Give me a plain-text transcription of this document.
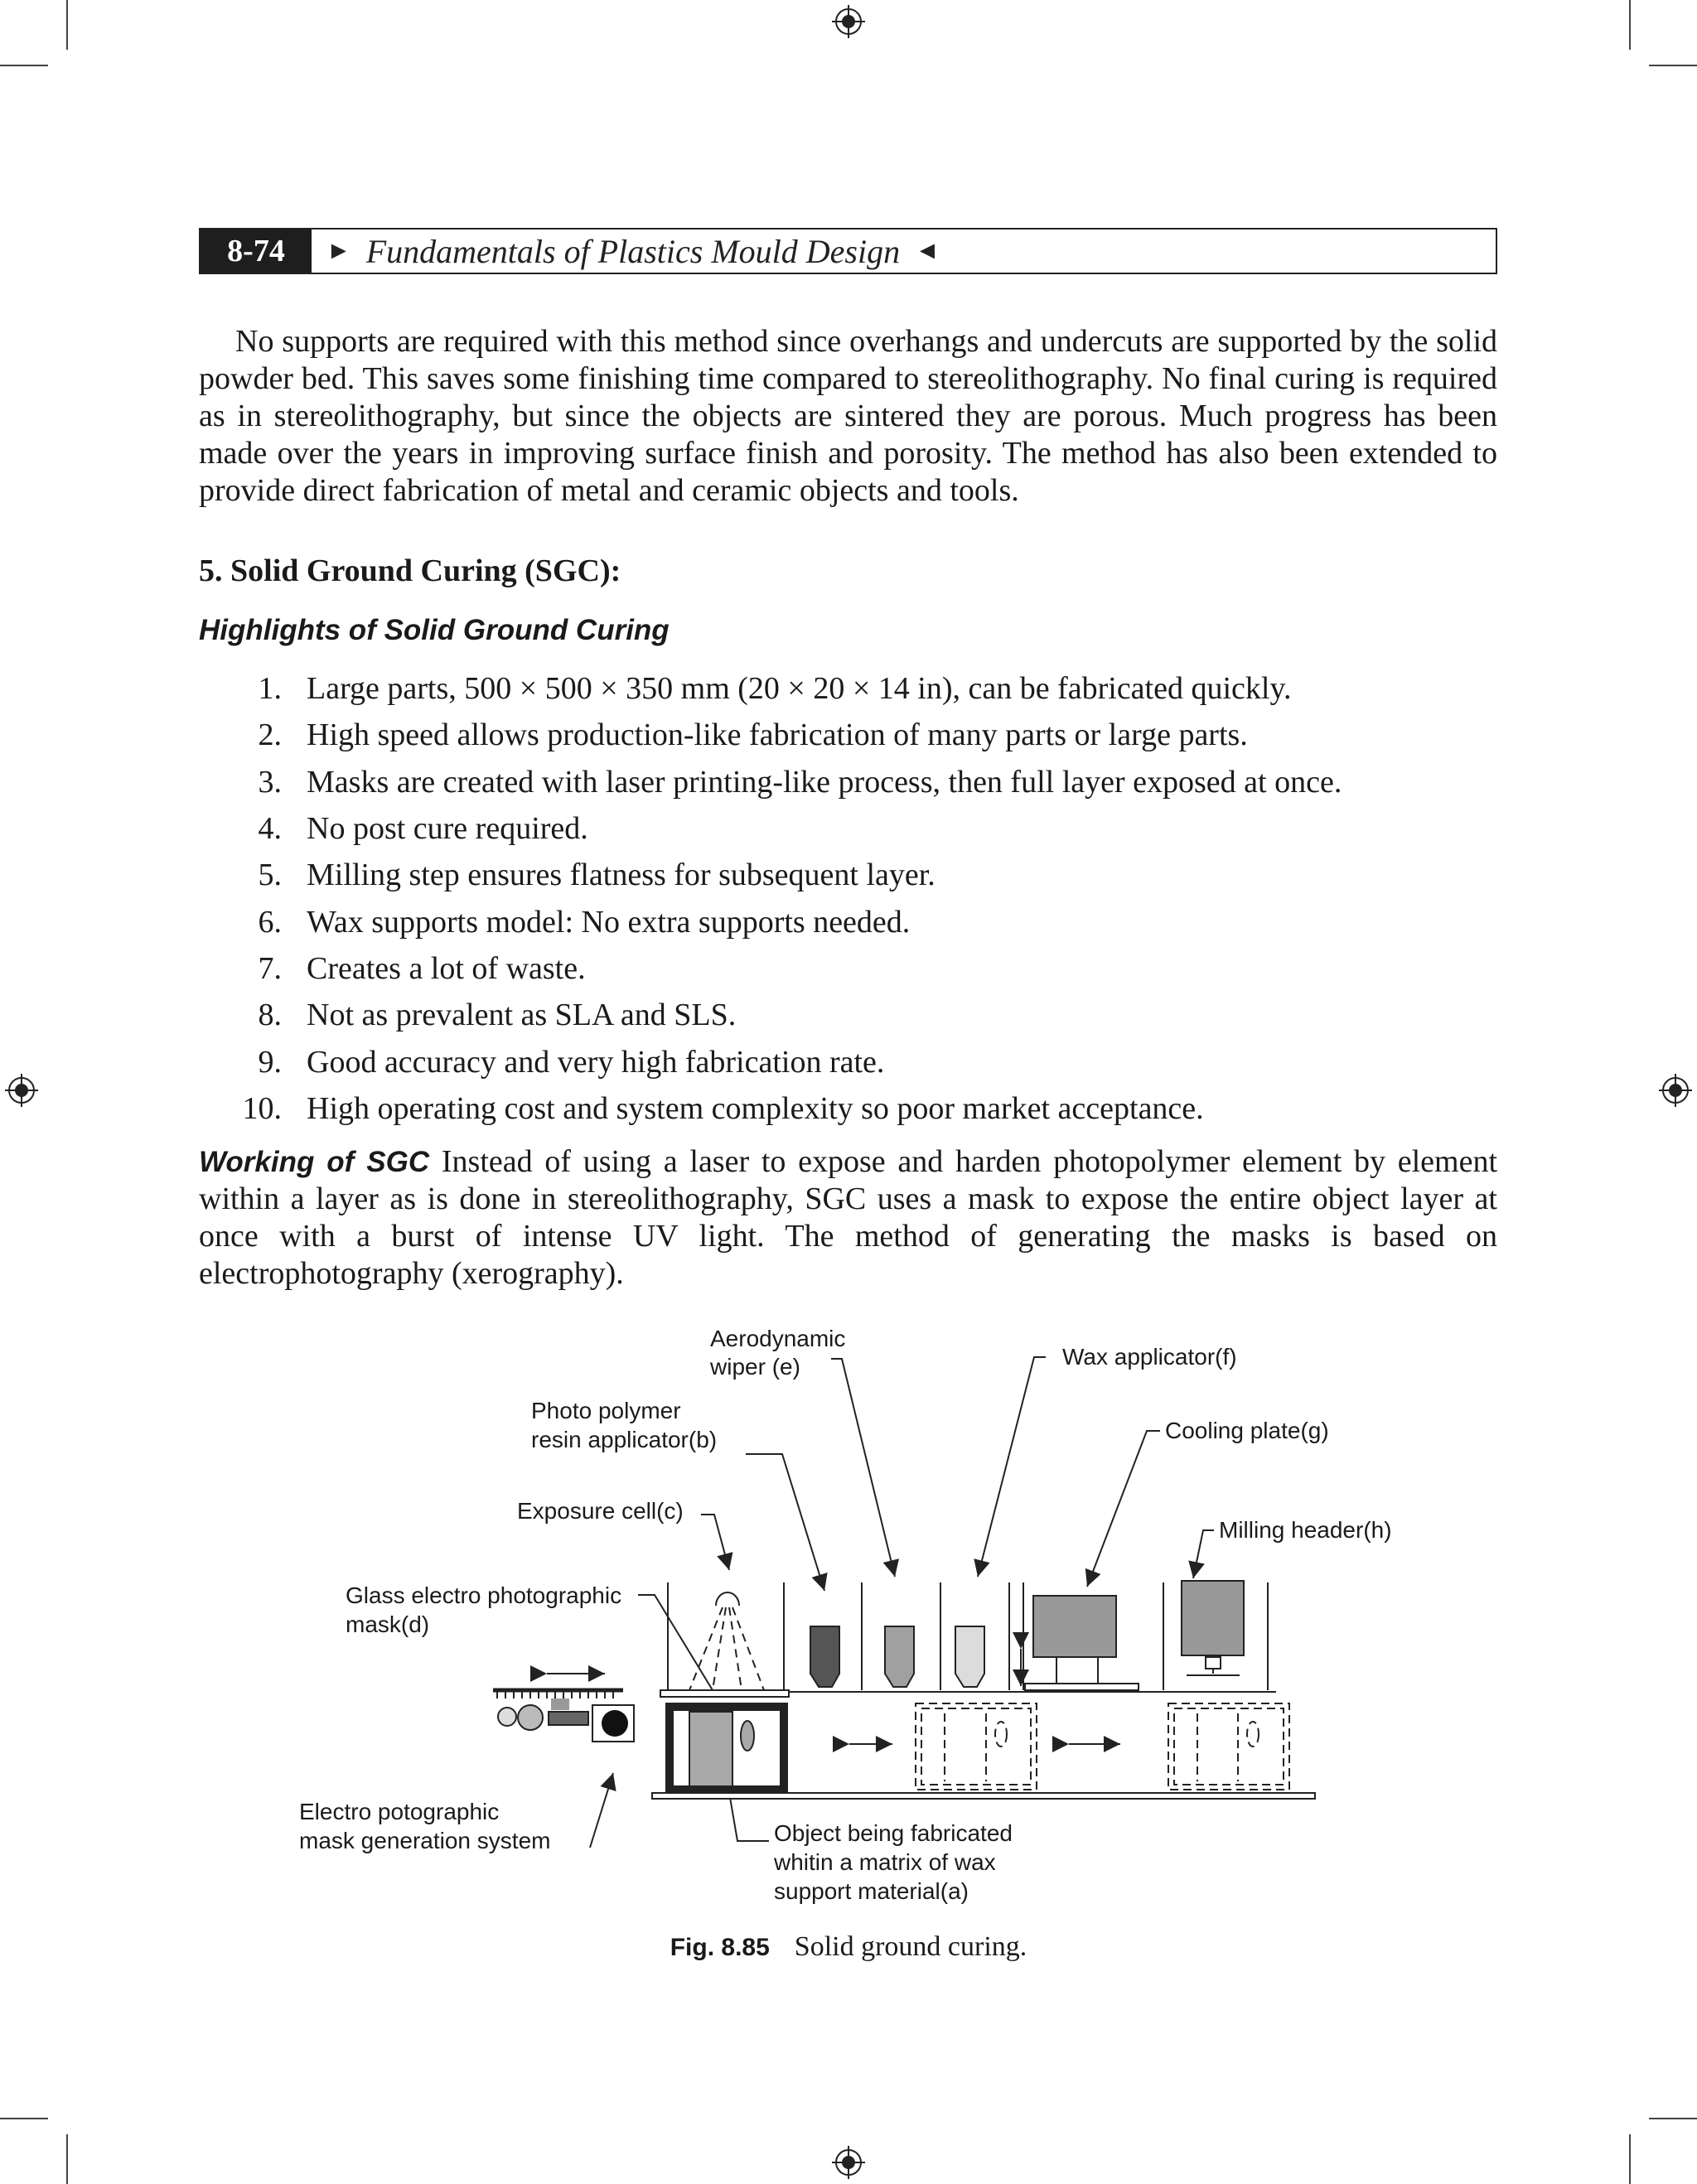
8-74	► Fundamentals of Plastics Mould Design ◄

No supports are required with this method since overhangs and undercuts are supported by the solid powder bed. This saves some finishing time compared to stereolithography. No final curing is required as in stereolithography, but since the objects are sintered they are porous. Much progress has been made over the years in improving surface finish and porosity. The method has also been extended to provide direct fabrication of metal and ceramic objects and tools.

5. Solid Ground Curing (SGC):

Highlights of Solid Ground Curing

1. Large parts, 500 × 500 × 350 mm (20 × 20 × 14 in), can be fabricated quickly.
2. High speed allows production-like fabrication of many parts or large parts.
3. Masks are created with laser printing-like process, then full layer exposed at once.
4. No post cure required.
5. Milling step ensures flatness for subsequent layer.
6. Wax supports model: No extra supports needed.
7. Creates a lot of waste.
8. Not as prevalent as SLA and SLS.
9. Good accuracy and very high fabrication rate.
10. High operating cost and system complexity so poor market acceptance.

Working of SGC Instead of using a laser to expose and harden photopolymer element by element within a layer as is done in stereolithography, SGC uses a mask to expose the entire object layer at once with a burst of intense UV light. The method of generating the masks is based on electrophotography (xerography).

Aerodynamic
wiper (e)	Wax applicator(f)
Photo polymer
resin applicator(b)	Cooling plate(g)
Exposure cell(c)
Milling header(h)
Glass electro photographic
mask(d)
Electro potographic
mask generation system	Object being fabricated
whitin a matrix of wax
support material(a)

Fig. 8.85 Solid ground curing.
